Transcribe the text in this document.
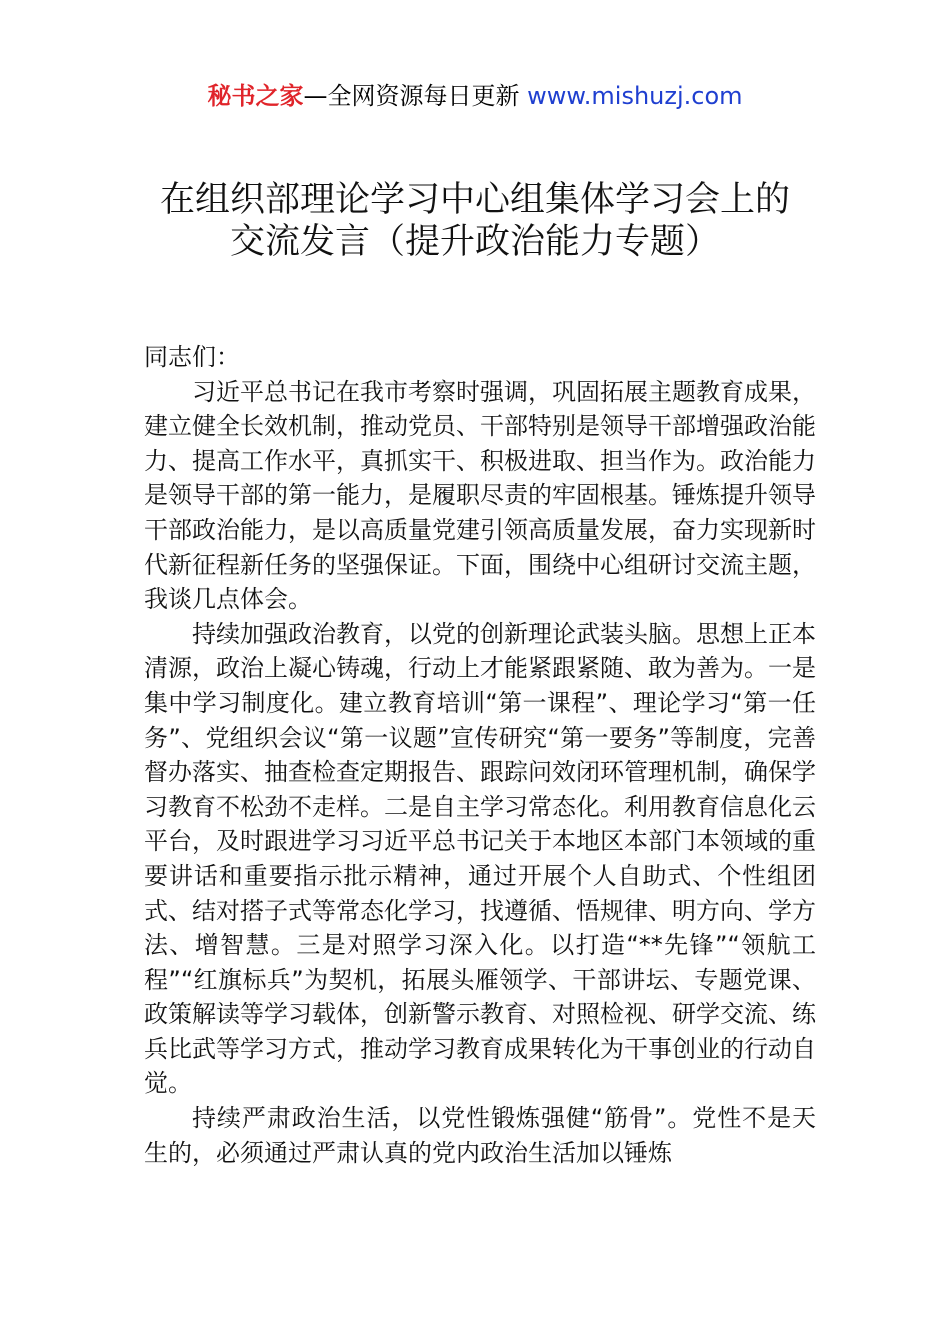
秘书之家—全网资源每日更新 www.mishuzj.com
在组织部理论学习中心组集体学习会上的
交流发言（提升政治能力专题）

同志们：

习近平总书记在我市考察时强调，巩固拓展主题教育成果，建立健全长效机制，推动党员、干部特别是领导干部增强政治能力、提高工作水平，真抓实干、积极进取、担当作为。政治能力是领导干部的第一能力，是履职尽责的牢固根基。锤炼提升领导干部政治能力，是以高质量党建引领高质量发展，奋力实现新时代新征程新任务的坚强保证。下面，围绕中心组研讨交流主题，我谈几点体会。

持续加强政治教育，以党的创新理论武装头脑。思想上正本清源，政治上凝心铸魂，行动上才能紧跟紧随、敢为善为。一是集中学习制度化。建立教育培训“第一课程”、理论学习“第一任务”、党组织会议“第一议题”宣传研究“第一要务”等制度，完善督办落实、抽查检查定期报告、跟踪问效闭环管理机制，确保学习教育不松劲不走样。二是自主学习常态化。利用教育信息化云平台，及时跟进学习习近平总书记关于本地区本部门本领域的重要讲话和重要指示批示精神，通过开展个人自助式、个性组团式、结对搭子式等常态化学习，找遵循、悟规律、明方向、学方法、增智慧。三是对照学习深入化。以打造“**先锋”“领航工程”“红旗标兵”为契机，拓展头雁领学、干部讲坛、专题党课、政策解读等学习载体，创新警示教育、对照检视、研学交流、练兵比武等学习方式，推动学习教育成果转化为干事创业的行动自觉。

持续严肃政治生活，以党性锻炼强健“筋骨”。党性不是天生的，必须通过严肃认真的党内政治生活加以锤炼
